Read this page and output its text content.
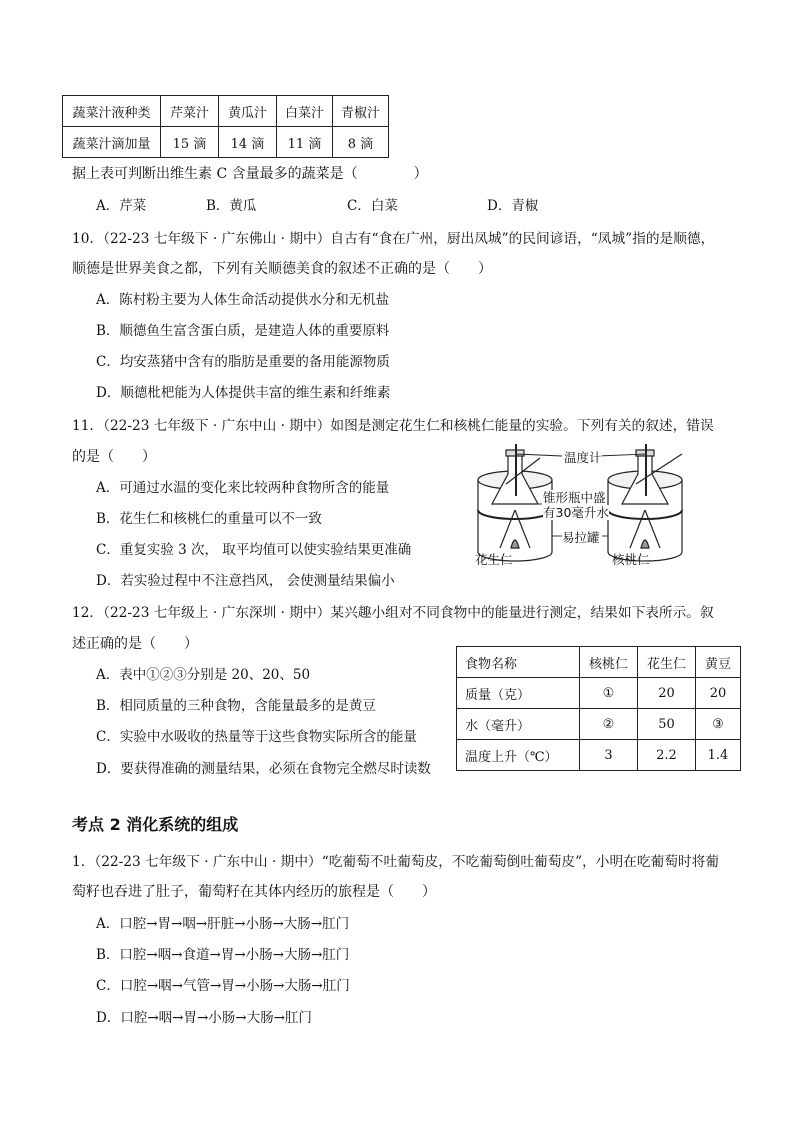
蔬菜汁液种类	芹菜汁	黄瓜汁	白菜汁	青椒汁
蔬菜汁滴加量	15 滴	14 滴	11 滴	8 滴
据上表可判断出维生素 C 含量最多的蔬菜是（　　　　）
A．芹菜	B．黄瓜	C．白菜	D．青椒
10．（22-23 七年级下 · 广东佛山 · 期中）自古有“食在广州，厨出凤城”的民间谚语，“凤城”指的是顺德，
顺德是世界美食之都，下列有关顺德美食的叙述不正确的是（　　）
A．陈村粉主要为人体生命活动提供水分和无机盐
B．顺德鱼生富含蛋白质，是建造人体的重要原料
C．均安蒸猪中含有的脂肪是重要的备用能源物质
D．顺德枇杷能为人体提供丰富的维生素和纤维素
11．（22-23 七年级下 · 广东中山 · 期中）如图是测定花生仁和核桃仁能量的实验。下列有关的叙述，错误
的是（　　）
A．可通过水温的变化来比较两种食物所含的能量
B．花生仁和核桃仁的重量可以不一致
C．重复实验 3 次， 取平均值可以使实验结果更准确
D．若实验过程中不注意挡风， 会使测量结果偏小
温度计
锥形瓶中盛
有30毫升水
易拉罐
花生仁	核桃仁
12．（22-23 七年级上 · 广东深圳 · 期中）某兴趣小组对不同食物中的能量进行测定，结果如下表所示。叙
述正确的是（　　）
A．表中①②③分别是 20、20、50
B．相同质量的三种食物，含能量最多的是黄豆
C．实验中水吸收的热量等于这些食物实际所含的能量
D．要获得准确的测量结果，必须在食物完全燃尽时读数
食物名称	核桃仁	花生仁	黄豆
质量（克）	①	20	20
水（毫升）	②	50	③
温度上升（℃）	3	2.2	1.4
考点 2 消化系统的组成
1．（22-23 七年级下 · 广东中山 · 期中）“吃葡萄不吐葡萄皮，不吃葡萄倒吐葡萄皮”，小明在吃葡萄时将葡
萄籽也吞进了肚子，葡萄籽在其体内经历的旅程是（　　）
A．口腔→胃→咽→肝脏→小肠→大肠→肛门
B．口腔→咽→食道→胃→小肠→大肠→肛门
C．口腔→咽→气管→胃→小肠→大肠→肛门
D．口腔→咽→胃→小肠→大肠→肛门
